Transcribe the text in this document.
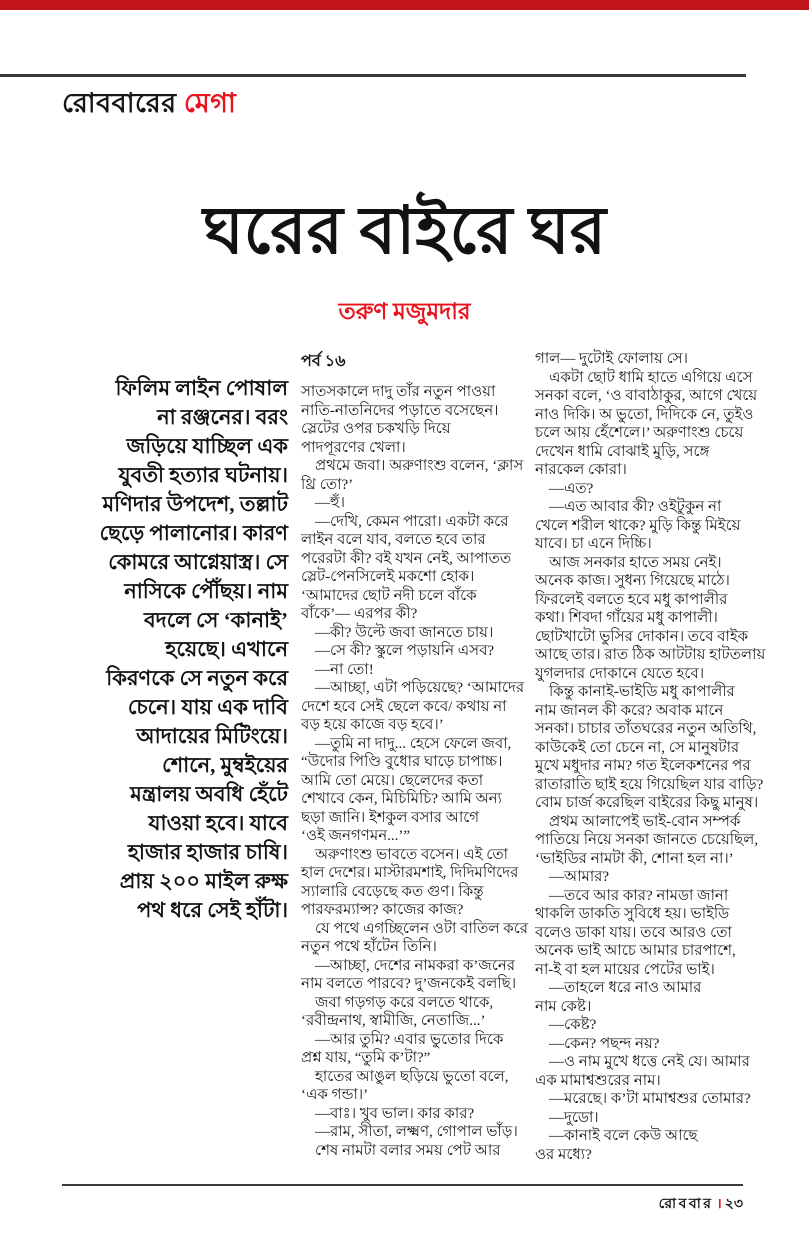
রোববারের মেগা
ঘরের বাইরে ঘর
তরুণ মজুমদার
ফিলিম লাইন পোষাল
না রঞ্জনের। বরং
জড়িয়ে যাচ্ছিল এক
যুবতী হত্যার ঘটনায়।
মণিদার উপদেশ, তল্লাট
ছেড়ে পালানোর। কারণ
কোমরে আগ্নেয়াস্ত্র। সে
নাসিকে পৌঁছয়। নাম
বদলে সে ‘কানাই’
হয়েছে। এখানে
কিরণকে সে নতুন করে
চেনে। যায় এক দাবি
আদায়ের মিটিংয়ে।
শোনে, মুম্বইয়ের
মন্ত্রালয় অবধি হেঁটে
যাওয়া হবে। যাবে
হাজার হাজার চাষি।
প্রায় ২০০ মাইল রুক্ষ
পথ ধরে সেই হাঁটা।
পর্ব ১৬
সাতসকালে দাদু তাঁর নতুন পাওয়া
নাতি-নাতনিদের পড়াতে বসেছেন।
স্লেটের ওপর চকখড়ি দিয়ে
পাদপূরণের খেলা।
প্রথমে জবা। অরুণাংশু বলেন, ‘ক্লাস
থ্রি তো?’
—হুঁ।
—দেখি, কেমন পারো। একটা করে
লাইন বলে যাব, বলতে হবে তার
পরেরটা কী? বই যখন নেই, আপাতত
স্লেট-পেনসিলেই মকশো হোক।
‘আমাদের ছোট নদী চলে বাঁকে
বাঁকে’— এরপর কী?
—কী? উল্টে জবা জানতে চায়।
—সে কী? স্কুলে পড়ায়নি এসব?
—না তো!
—আচ্ছা, এটা পড়িয়েছে? ‘আমাদের
দেশে হবে সেই ছেলে কবে/ কথায় না
বড় হয়ে কাজে বড় হবে।’
—তুমি না দাদু... হেসে ফেলে জবা,
“উদোর পিণ্ডি বুধোর ঘাড়ে চাপাচ্চ।
আমি তো মেয়ে। ছেলেদের কতা
শেখাবে কেন, মিচিমিচি? আমি অন্য
ছড়া জানি। ইশকুল বসার আগে
‘ওই জনগণমন...’”
অরুণাংশু ভাবতে বসেন। এই তো
হাল দেশের। মাস্টারমশাই, দিদিমণিদের
স্যালারি বেড়েছে কত গুণ। কিন্তু
পারফরম্যান্স? কাজের কাজ?
যে পথে এগচ্ছিলেন ওটা বাতিল করে
নতুন পথে হাঁটেন তিনি।
—আচ্ছা, দেশের নামকরা ক’জনের
নাম বলতে পারবে? দু’জনকেই বলছি।
জবা গড়গড় করে বলতে থাকে,
‘রবীন্দ্রনাথ, স্বামীজি, নেতাজি...’
—আর তুমি? এবার ভুতোর দিকে
প্রশ্ন যায়, “তুমি ক’টা?”
হাতের আঙুল ছড়িয়ে ভুতো বলে,
‘এক গন্ডা।’
—বাঃ। খুব ভাল। কার কার?
—রাম, সীতা, লক্ষ্মণ, গোপাল ভাঁড়।
শেষ নামটা বলার সময় পেট আর
গাল— দুটোই ফোলায় সে।
একটা ছোট ধামি হাতে এগিয়ে এসে
সনকা বলে, ‘ও বাবাঠাকুর, আগে খেয়ে
নাও দিকি। অ ভুতো, দিদিকে নে, তুইও
চলে আয় হেঁশেলে।’ অরুণাংশু চেয়ে
দেখেন ধামি বোঝাই মুড়ি, সঙ্গে
নারকেল কোরা।
—এত?
—এত আবার কী? ওইটুকুন না
খেলে শরীল থাকে? মুড়ি কিন্তু মিইয়ে
যাবে। চা এনে দিচ্চি।
আজ সনকার হাতে সময় নেই।
অনেক কাজ। সুধন্য গিয়েছে মাঠে।
ফিরলেই বলতে হবে মধু কাপালীর
কথা। শিবদা গাঁয়ের মধু কাপালী।
ছোটখাটো ভুসির দোকান। তবে বাইক
আছে তার। রাত ঠিক আটটায় হাটতলায়
যুগলদার দোকানে যেতে হবে।
কিন্তু কানাই-ভাইডি মধু কাপালীর
নাম জানল কী করে? অবাক মানে
সনকা। চাচার তাঁতঘরের নতুন অতিথি,
কাউকেই তো চেনে না, সে মানুষটার
মুখে মধুদার নাম? গত ইলেকশনের পর
রাতারাতি ছাই হয়ে গিয়েছিল যার বাড়ি?
বোম চার্জ করেছিল বাইরের কিছু মানুষ।
প্রথম আলাপেই ভাই-বোন সম্পর্ক
পাতিয়ে নিয়ে সনকা জানতে চেয়েছিল,
‘ভাইডির নামটা কী, শোনা হল না।’
—আমার?
—তবে আর কার? নামডা জানা
থাকলি ডাকতি সুবিধে হয়। ভাইডি
বলেও ডাকা যায়। তবে আরও তো
অনেক ভাই আচে আমার চারপাশে,
না-ই বা হল মায়ের পেটের ভাই।
—তাহলে ধরে নাও আমার
নাম কেষ্ট।
—কেষ্ট?
—কেন? পছন্দ নয়?
—ও নাম মুখে ধত্তে নেই যে। আমার
এক মামাশ্বশুরের নাম।
—মরেছে। ক’টা মামাশ্বশুর তোমার?
—দুডো।
—কানাই বলে কেউ আছে
ওর মধ্যে?
রোববার । ২৩
